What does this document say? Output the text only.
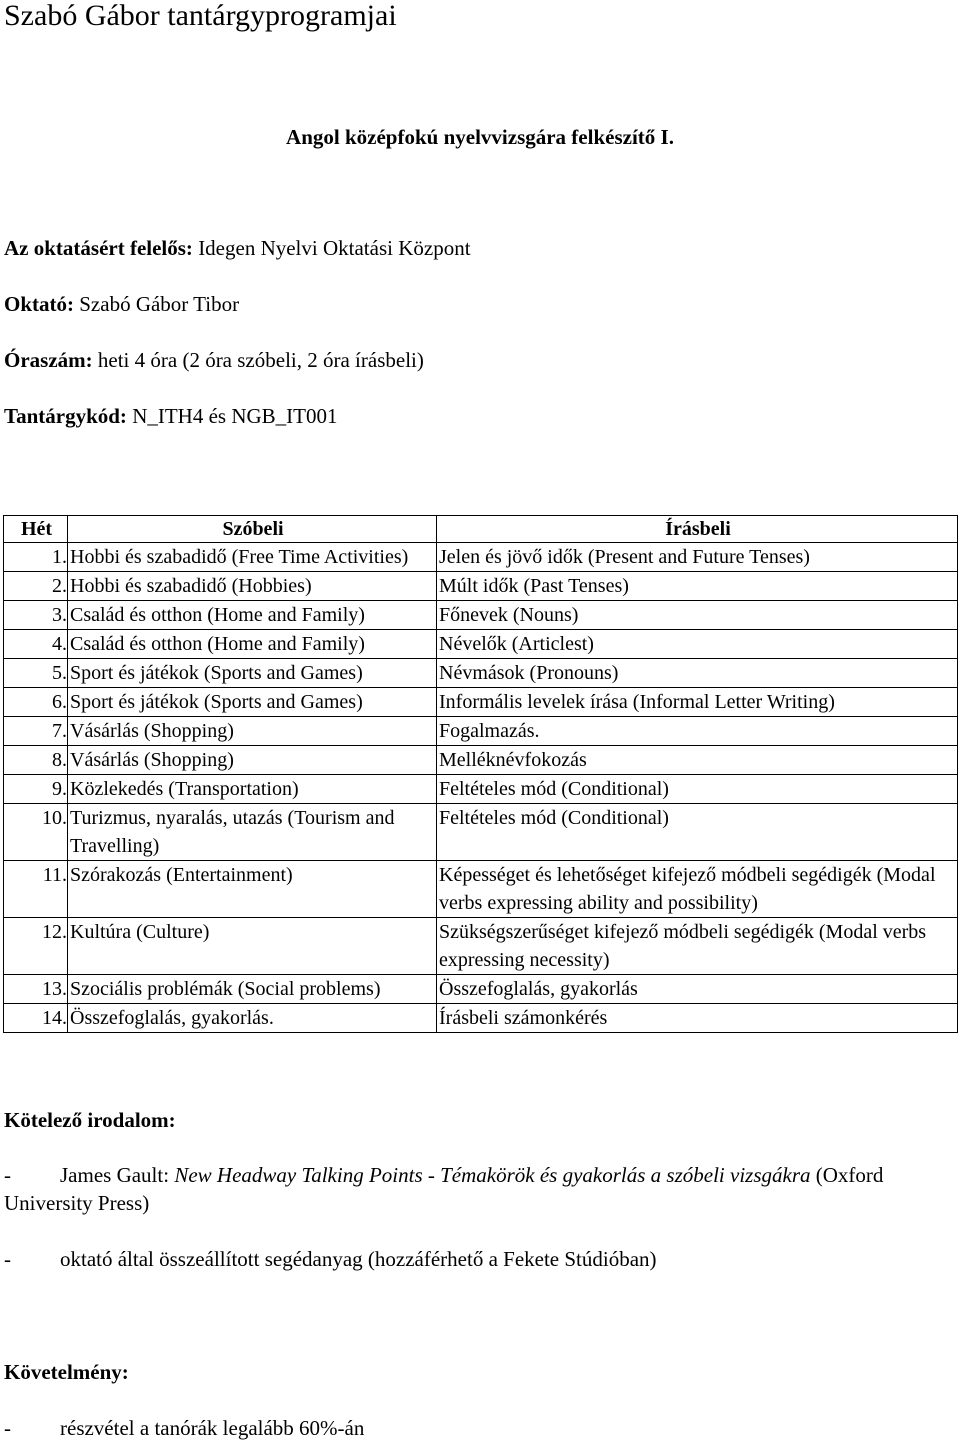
Szabó Gábor tantárgyprogramjai
Angol középfokú nyelvvizsgára felkészítő I.
Az oktatásért felelős: Idegen Nyelvi Oktatási Központ
Oktató: Szabó Gábor Tibor
Óraszám: heti 4 óra (2 óra szóbeli, 2 óra írásbeli)
Tantárgykód: N_ITH4 és NGB_IT001
Hét	Szóbeli	Írásbeli
1.	Hobbi és szabadidő (Free Time Activities)	Jelen és jövő idők (Present and Future Tenses)
2.	Hobbi és szabadidő (Hobbies)	Múlt idők (Past Tenses)
3.	Család és otthon (Home and Family)	Főnevek (Nouns)
4.	Család és otthon (Home and Family)	Névelők (Articlest)
5.	Sport és játékok (Sports and Games)	Névmások (Pronouns)
6.	Sport és játékok (Sports and Games)	Informális levelek írása (Informal Letter Writing)
7.	Vásárlás (Shopping)	Fogalmazás.
8.	Vásárlás (Shopping)	Melléknévfokozás
9.	Közlekedés (Transportation)	Feltételes mód (Conditional)
10.	Turizmus, nyaralás, utazás (Tourism and Travelling)	Feltételes mód (Conditional)
11.	Szórakozás (Entertainment)	Képességet és lehetőséget kifejező módbeli segédigék (Modal verbs expressing ability and possibility)
12.	Kultúra (Culture)	Szükségszerűséget kifejező módbeli segédigék (Modal verbs expressing necessity)
13.	Szociális problémák (Social problems)	Összefoglalás, gyakorlás
14.	Összefoglalás, gyakorlás.	Írásbeli számonkérés
Kötelező irodalom:
- James Gault: New Headway Talking Points - Témakörök és gyakorlás a szóbeli vizsgákra (Oxford University Press)
- oktató által összeállított segédanyag (hozzáférhető a Fekete Stúdióban)
Követelmény:
- részvétel a tanórák legalább 60%-án
